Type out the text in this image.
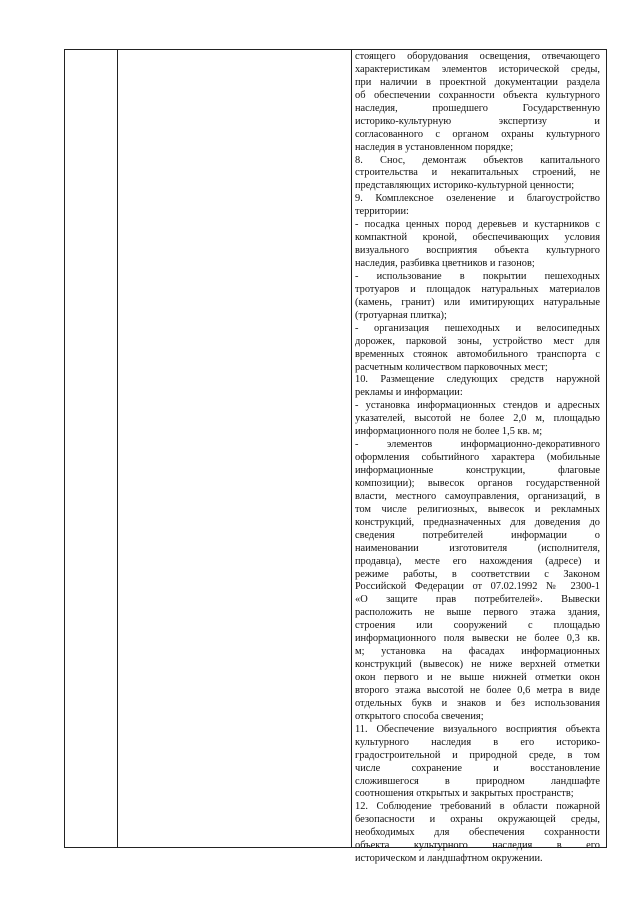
стоящего оборудования освещения, отвечающего
характеристикам элементов исторической среды,
при наличии в проектной документации раздела
об обеспечении сохранности объекта культурного
наследия, прошедшего Государственную
историко-культурную экспертизу и
согласованного с органом охраны культурного
наследия в установленном порядке;
8. Снос, демонтаж объектов капитального
строительства и некапитальных строений, не
представляющих историко-культурной ценности;
9. Комплексное озеленение и благоустройство
территории:
- посадка ценных пород деревьев и кустарников с
компактной кроной, обеспечивающих условия
визуального восприятия объекта культурного
наследия, разбивка цветников и газонов;
- использование в покрытии пешеходных
тротуаров и площадок натуральных материалов
(камень, гранит) или имитирующих натуральные
(тротуарная плитка);
- организация пешеходных и велосипедных
дорожек, парковой зоны, устройство мест для
временных стоянок автомобильного транспорта с
расчетным количеством парковочных мест;
10. Размещение следующих средств наружной
рекламы и информации:
- установка информационных стендов и адресных
указателей, высотой не более 2,0 м, площадью
информационного поля не более 1,5 кв. м;
- элементов информационно-декоративного
оформления событийного характера (мобильные
информационные конструкции, флаговые
композиции); вывесок органов государственной
власти, местного самоуправления, организаций, в
том числе религиозных, вывесок и рекламных
конструкций, предназначенных для доведения до
сведения потребителей информации о
наименовании изготовителя (исполнителя,
продавца), месте его нахождения (адресе) и
режиме работы, в соответствии с Законом
Российской Федерации от 07.02.1992 № 2300-1
«О защите прав потребителей». Вывески
расположить не выше первого этажа здания,
строения или сооружений с площадью
информационного поля вывески не более 0,3 кв.
м; установка на фасадах информационных
конструкций (вывесок) не ниже верхней отметки
окон первого и не выше нижней отметки окон
второго этажа высотой не более 0,6 метра в виде
отдельных букв и знаков и без использования
открытого способа свечения;
11. Обеспечение визуального восприятия объекта
культурного наследия в его историко-
градостроительной и природной среде, в том
числе сохранение и восстановление
сложившегося в природном ландшафте
соотношения открытых и закрытых пространств;
12. Соблюдение требований в области пожарной
безопасности и охраны окружающей среды,
необходимых для обеспечения сохранности
объекта культурного наследия в его
историческом и ландшафтном окружении.
